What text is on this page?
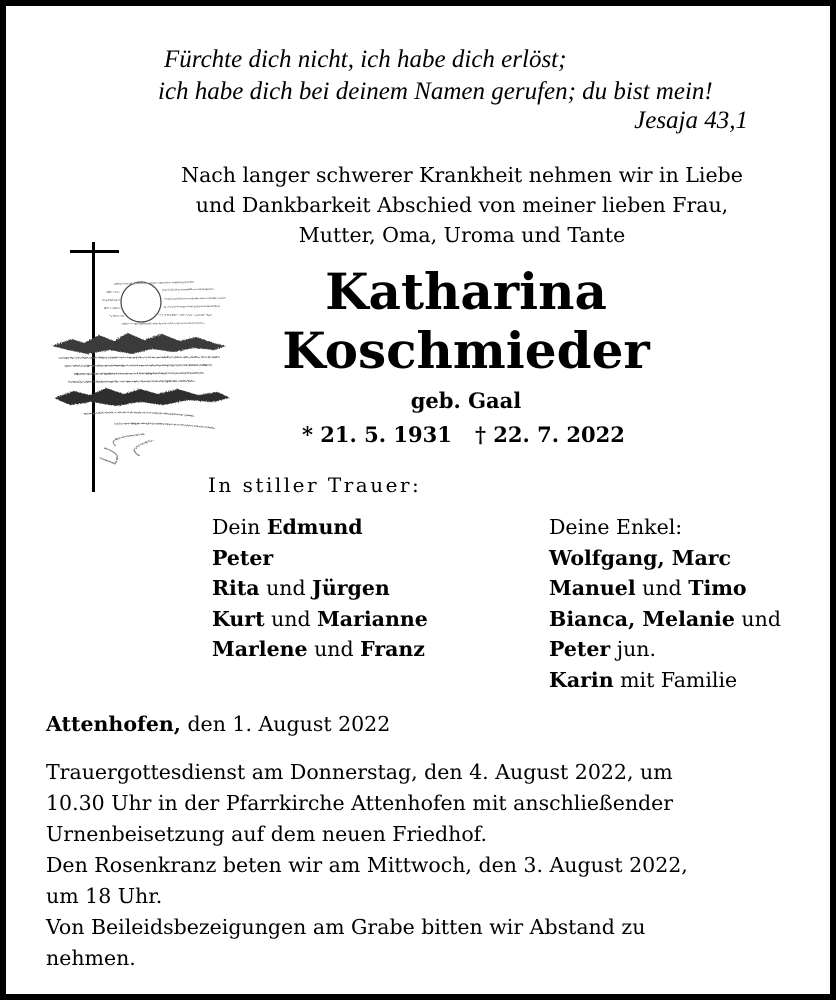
Fürchte dich nicht, ich habe dich erlöst;
ich habe dich bei deinem Namen gerufen; du bist mein!
Jesaja 43,1
Nach langer schwerer Krankheit nehmen wir in Liebe
und Dankbarkeit Abschied von meiner lieben Frau,
Mutter, Oma, Uroma und Tante
Katharina
Koschmieder
geb. Gaal
* 21. 5. 1931 † 22. 7. 2022
In stiller Trauer:
Dein Edmund
Peter
Rita und Jürgen
Kurt und Marianne
Marlene und Franz
Deine Enkel:
Wolfgang, Marc
Manuel und Timo
Bianca, Melanie und
Peter jun.
Karin mit Familie
Attenhofen, den 1. August 2022
Trauergottesdienst am Donnerstag, den 4. August 2022, um
10.30 Uhr in der Pfarrkirche Attenhofen mit anschließender
Urnenbeisetzung auf dem neuen Friedhof.
Den Rosenkranz beten wir am Mittwoch, den 3. August 2022,
um 18 Uhr.
Von Beileidsbezeigungen am Grabe bitten wir Abstand zu
nehmen.
